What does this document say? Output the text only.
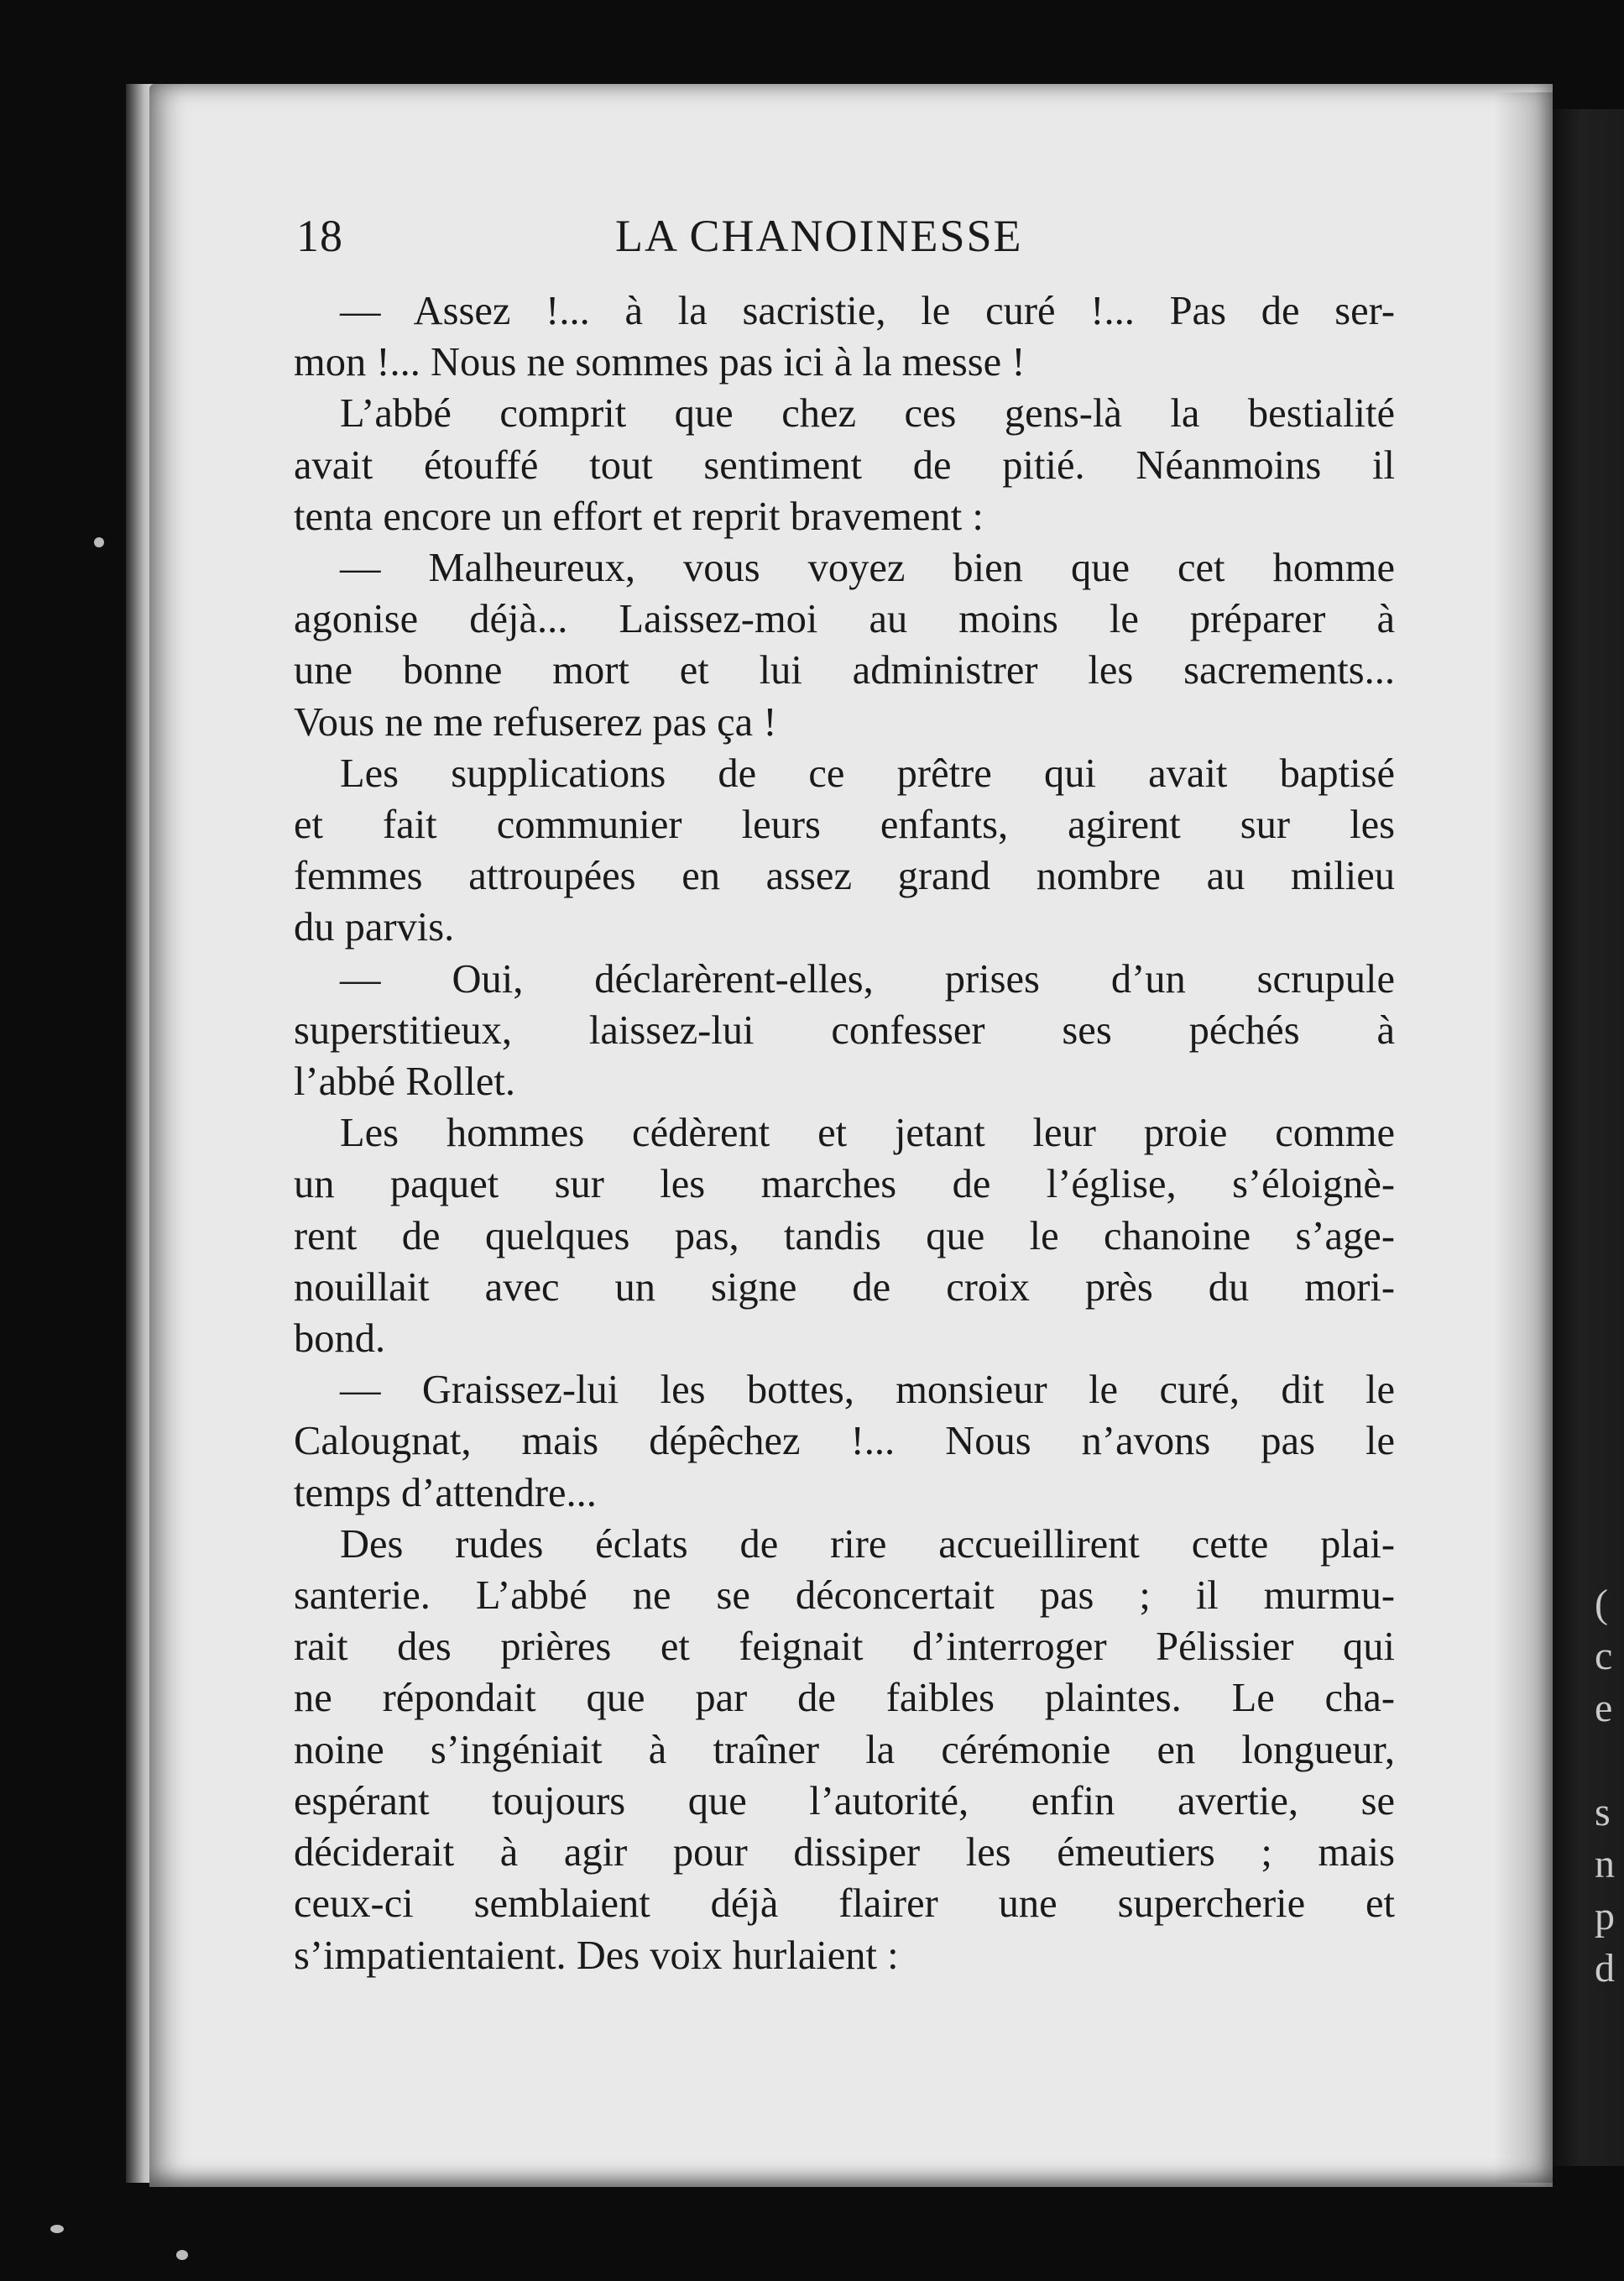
18	LA CHANOINESSE
— Assez !... à la sacristie, le curé !... Pas de ser-
mon !... Nous ne sommes pas ici à la messe !
L’abbé comprit que chez ces gens-là la bestialité
avait étouffé tout sentiment de pitié. Néanmoins il
tenta encore un effort et reprit bravement :
— Malheureux, vous voyez bien que cet homme
agonise déjà... Laissez-moi au moins le préparer à
une bonne mort et lui administrer les sacrements...
Vous ne me refuserez pas ça !
Les supplications de ce prêtre qui avait baptisé
et fait communier leurs enfants, agirent sur les
femmes attroupées en assez grand nombre au milieu
du parvis.
— Oui, déclarèrent-elles, prises d’un scrupule
superstitieux, laissez-lui confesser ses péchés à
l’abbé Rollet.
Les hommes cédèrent et jetant leur proie comme
un paquet sur les marches de l’église, s’éloignè-
rent de quelques pas, tandis que le chanoine s’age-
nouillait avec un signe de croix près du mori-
bond.
— Graissez-lui les bottes, monsieur le curé, dit le
Calougnat, mais dépêchez !... Nous n’avons pas le
temps d’attendre...
Des rudes éclats de rire accueillirent cette plai-
santerie. L’abbé ne se déconcertait pas ; il murmu-
rait des prières et feignait d’interroger Pélissier qui
ne répondait que par de faibles plaintes. Le cha-
noine s’ingéniait à traîner la cérémonie en longueur,
espérant toujours que l’autorité, enfin avertie, se
déciderait à agir pour dissiper les émeutiers ; mais
ceux-ci semblaient déjà flairer une supercherie et
s’impatientaient. Des voix hurlaient :
(
c
e

s
n
p
d
